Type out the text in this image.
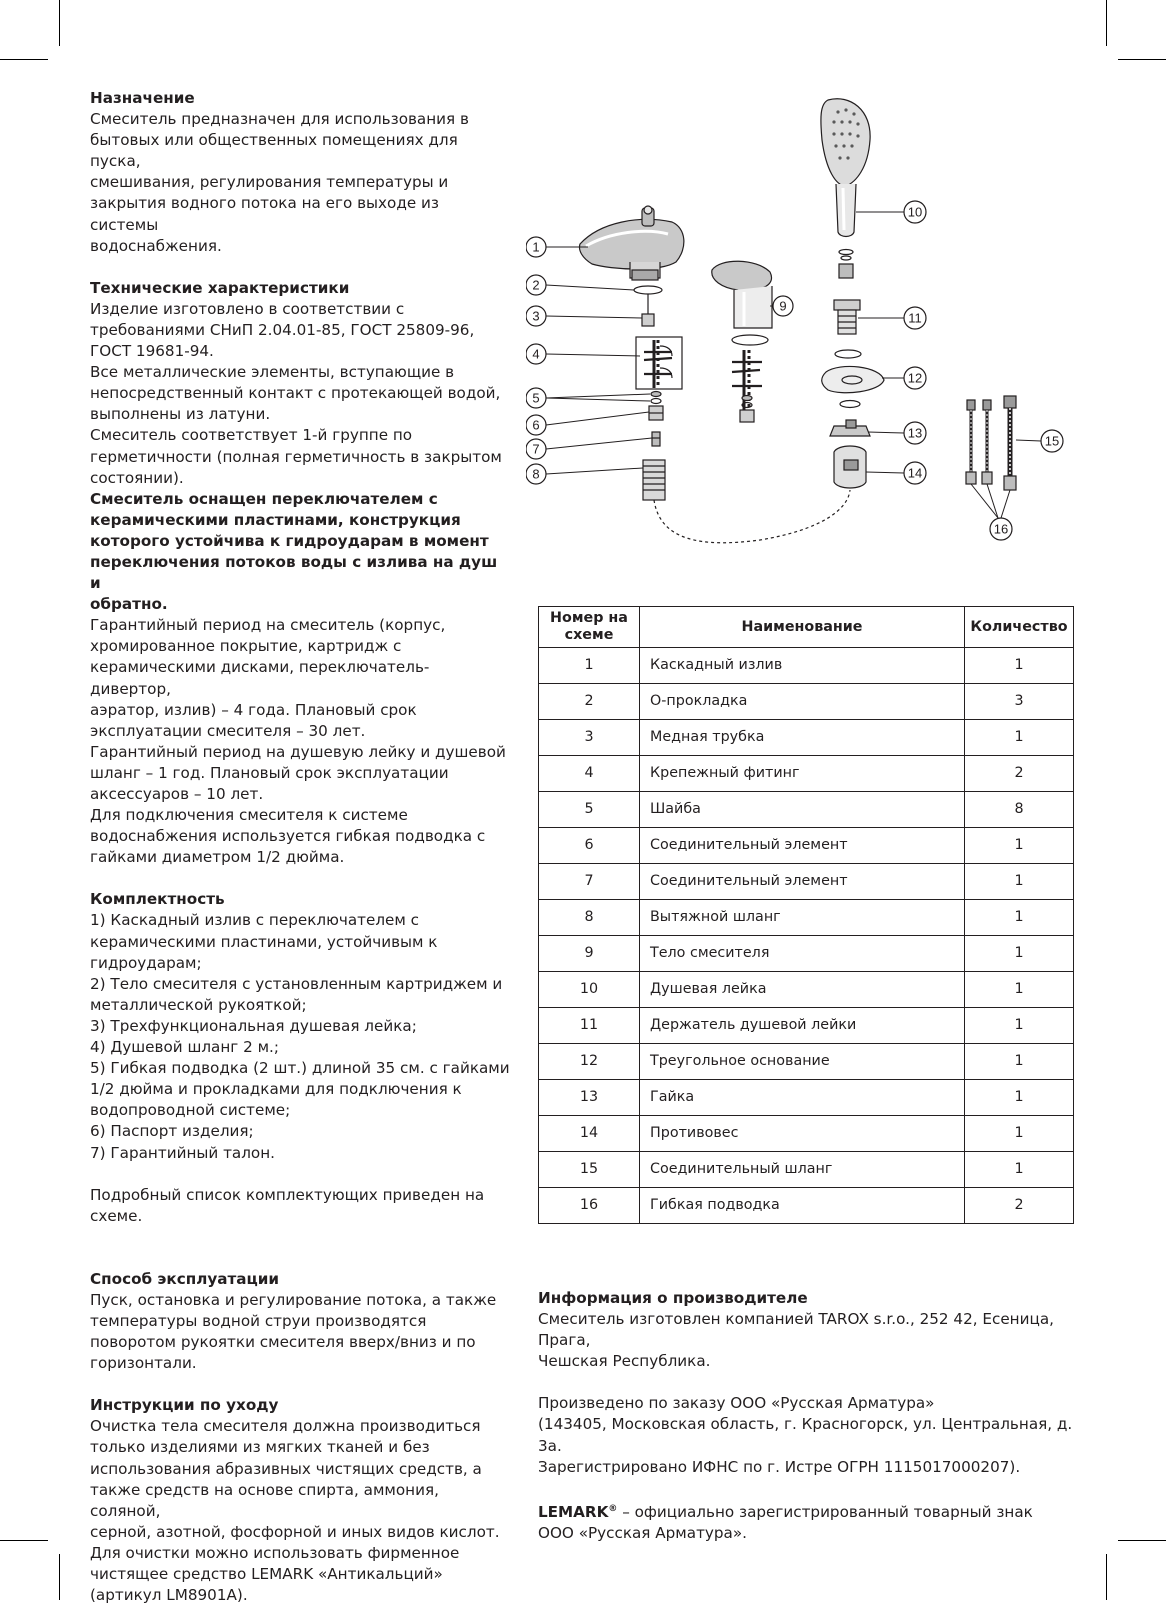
Назначение

Смеситель предназначен для использования в

бытовых или общественных помещениях для пуска,

смешивания, регулирования температуры и

закрытия водного потока на его выходе из системы

водоснабжения.

Технические характеристики

Изделие изготовлено в соответствии с

требованиями СНиП 2.04.01-85, ГОСТ 25809-96,

ГОСТ 19681-94.

Все металлические элементы, вступающие в

непосредственный контакт с протекающей водой,

выполнены из латуни.

Смеситель соответствует 1-й группе по

герметичности (полная герметичность в закрытом

состоянии).

Смеситель оснащен переключателем с

керамическими пластинами, конструкция

которого устойчива к гидроударам в момент

переключения потоков воды с излива на душ и

обратно.

Гарантийный период на смеситель (корпус,

хромированное покрытие, картридж с

керамическими дисками, переключатель-дивертор,

аэратор, излив) – 4 года. Плановый срок

эксплуатации смесителя – 30 лет.

Гарантийный период на душевую лейку и душевой

шланг – 1 год. Плановый срок эксплуатации

аксессуаров – 10 лет.

Для подключения смесителя к системе

водоснабжения используется гибкая подводка с

гайками диаметром 1/2 дюйма.

Комплектность

1) Каскадный излив с переключателем с

керамическими пластинами, устойчивым к

гидроударам;

2) Тело смесителя с установленным картриджем и

металлической рукояткой;

3) Трехфункциональная душевая лейка;

4) Душевой шланг 2 м.;

5) Гибкая подводка (2 шт.) длиной 35 см. с гайками

1/2 дюйма и прокладками для подключения к

водопроводной системе;

6) Паспорт изделия;

7) Гарантийный талон.

Подробный список комплектующих приведен на

схеме.

Способ эксплуатации

Пуск, остановка и регулирование потока, а также

температуры водной струи производятся

поворотом рукоятки смесителя вверх/вниз и по

горизонтали.

Инструкции по уходу

Очистка тела смесителя должна производиться

только изделиями из мягких тканей и без

использования абразивных чистящих средств, а

также средств на основе спирта, аммония, соляной,

серной, азотной, фосфорной и иных видов кислот.

Для очистки можно использовать фирменное

чистящее средство LEMARK «Антикальций»

(артикул LM8901A).

1
2
3
4
5
6
7
8
9
10
11
12
13
14
15
16
Номер на схеме	Наименование	Количество
1	Каскадный излив	1
2	О-прокладка	3
3	Медная трубка	1
4	Крепежный фитинг	2
5	Шайба	8
6	Соединительный элемент	1
7	Соединительный элемент	1
8	Вытяжной шланг	1
9	Тело смесителя	1
10	Душевая лейка	1
11	Держатель душевой лейки	1
12	Треугольное основание	1
13	Гайка	1
14	Противовес	1
15	Соединительный шланг	1
16	Гибкая подводка	2
Информация о производителе

Смеситель изготовлен компанией TAROX s.r.o., 252 42, Есеница, Прага,

Чешская Республика.

Произведено по заказу ООО «Русская Арматура»

(143405, Московская область, г. Красногорск, ул. Центральная, д. 3а.

Зарегистрировано ИФНС по г. Истре ОГРН 1115017000207).

LEMARK® – официально зарегистрированный товарный знак

ООО «Русская Арматура».
